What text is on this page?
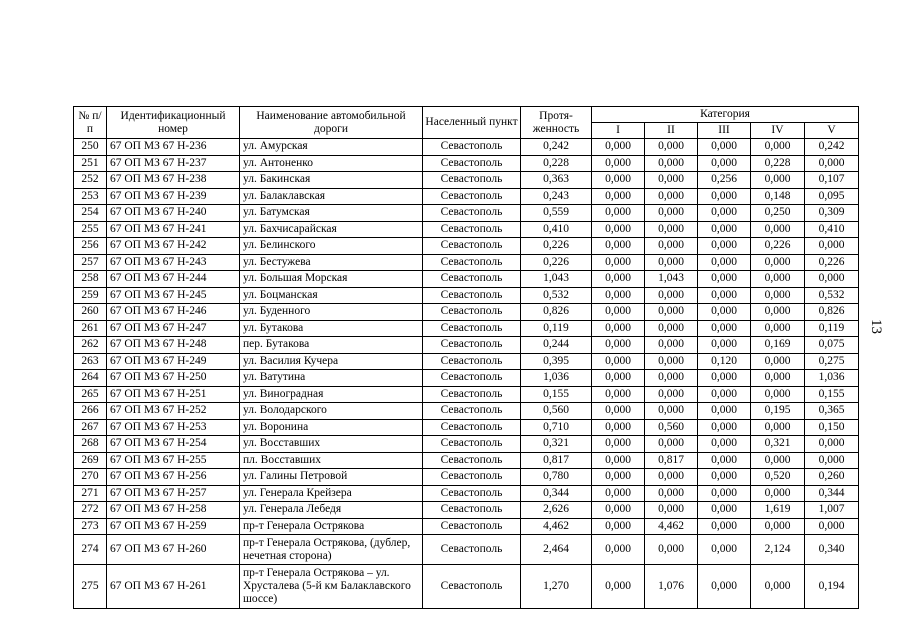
№ п/п	Идентификационный номер	Наименование автомобильной дороги	Населенный пункт	Протя-женность	Категория				
					I	II	III	IV	V
250	67 ОП МЗ 67 Н-236	ул. Амурская	Севастополь	0,242	0,000	0,000	0,000	0,000	0,242
251	67 ОП МЗ 67 Н-237	ул. Антоненко	Севастополь	0,228	0,000	0,000	0,000	0,228	0,000
252	67 ОП МЗ 67 Н-238	ул. Бакинская	Севастополь	0,363	0,000	0,000	0,256	0,000	0,107
253	67 ОП МЗ 67 Н-239	ул. Балаклавская	Севастополь	0,243	0,000	0,000	0,000	0,148	0,095
254	67 ОП МЗ 67 Н-240	ул. Батумская	Севастополь	0,559	0,000	0,000	0,000	0,250	0,309
255	67 ОП МЗ 67 Н-241	ул. Бахчисарайская	Севастополь	0,410	0,000	0,000	0,000	0,000	0,410
256	67 ОП МЗ 67 Н-242	ул. Белинского	Севастополь	0,226	0,000	0,000	0,000	0,226	0,000
257	67 ОП МЗ 67 Н-243	ул. Бестужева	Севастополь	0,226	0,000	0,000	0,000	0,000	0,226
258	67 ОП МЗ 67 Н-244	ул. Большая Морская	Севастополь	1,043	0,000	1,043	0,000	0,000	0,000
259	67 ОП МЗ 67 Н-245	ул. Боцманская	Севастополь	0,532	0,000	0,000	0,000	0,000	0,532
260	67 ОП МЗ 67 Н-246	ул. Буденного	Севастополь	0,826	0,000	0,000	0,000	0,000	0,826
261	67 ОП МЗ 67 Н-247	ул. Бутакова	Севастополь	0,119	0,000	0,000	0,000	0,000	0,119
262	67 ОП МЗ 67 Н-248	пер. Бутакова	Севастополь	0,244	0,000	0,000	0,000	0,169	0,075
263	67 ОП МЗ 67 Н-249	ул. Василия Кучера	Севастополь	0,395	0,000	0,000	0,120	0,000	0,275
264	67 ОП МЗ 67 Н-250	ул. Ватутина	Севастополь	1,036	0,000	0,000	0,000	0,000	1,036
265	67 ОП МЗ 67 Н-251	ул. Виноградная	Севастополь	0,155	0,000	0,000	0,000	0,000	0,155
266	67 ОП МЗ 67 Н-252	ул. Володарского	Севастополь	0,560	0,000	0,000	0,000	0,195	0,365
267	67 ОП МЗ 67 Н-253	ул. Воронина	Севастополь	0,710	0,000	0,560	0,000	0,000	0,150
268	67 ОП МЗ 67 Н-254	ул. Восставших	Севастополь	0,321	0,000	0,000	0,000	0,321	0,000
269	67 ОП МЗ 67 Н-255	пл. Восставших	Севастополь	0,817	0,000	0,817	0,000	0,000	0,000
270	67 ОП МЗ 67 Н-256	ул. Галины Петровой	Севастополь	0,780	0,000	0,000	0,000	0,520	0,260
271	67 ОП МЗ 67 Н-257	ул. Генерала Крейзера	Севастополь	0,344	0,000	0,000	0,000	0,000	0,344
272	67 ОП МЗ 67 Н-258	ул. Генерала Лебедя	Севастополь	2,626	0,000	0,000	0,000	1,619	1,007
273	67 ОП МЗ 67 Н-259	пр-т Генерала Острякова	Севастополь	4,462	0,000	4,462	0,000	0,000	0,000
274	67 ОП МЗ 67 Н-260	пр-т Генерала Острякова, (дублер, нечетная сторона)	Севастополь	2,464	0,000	0,000	0,000	2,124	0,340
275	67 ОП МЗ 67 Н-261	пр-т Генерала Острякова – ул. Хрусталева (5-й км Балаклавского шоссе)	Севастополь	1,270	0,000	1,076	0,000	0,000	0,194
13
